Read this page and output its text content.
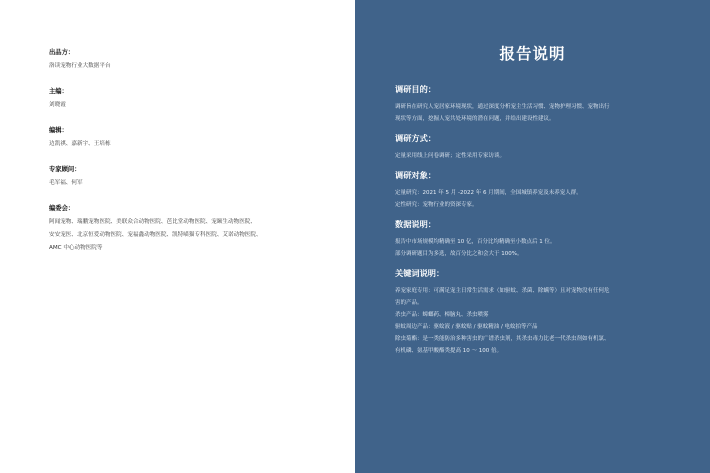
出品方：
洛读宠物行业大数据平台
主编：
刘晓霞
编辑：
边凯祺、嘉新宇、王培栋
专家顾问：
毛军福、何军
编委会：
阿闻宠物、瑞鹏宠物医院、美联众合动物医院、芭比堂动物医院、宠颐生动物医院、
安安宠医、北京恒爱动物医院、宠福鑫动物医院、凯特喵猫专科医院、艾诺动物医院、
AMC 中心动物医院等
报告说明
调研目的：

调研旨在研究人宠居家环境现状，通过深度分析宠主生活习惯、宠物护理习惯、宠物出行

现状等方面，挖掘人宠共处环境的潜在问题，并给出建设性建议。

调研方式：

定量采用线上问卷调研；定性采用专家访谈。

调研对象：

定量研究：2021 年 5 月 -2022 年 6 月期间，全国城镇养宠及未养宠人群。

定性研究：宠物行业的资深专家。

数据说明：

报告中市场规模均精确至 10 亿，百分比均精确至小数点后 1 位。

部分调研题目为多选，故百分比之和会大于 100%。

关键词说明：

养宠家庭专用：可满足宠主日常生活需求（如驱蚊、杀菌、除螨等）且对宠物没有任何危

害的产品。

杀虫产品：蟑螂药、樟脑丸、杀虫喷雾

驱蚊周边产品：驱蚊液 / 驱蚊贴 / 驱蚊精油 / 电蚊拍等产品

除虫菊酯：是一类能防治多种害虫的广谱杀虫剂，其杀虫毒力比老一代杀虫剂如有机氯、

有机磷、氨基甲酸酯类提高 10 ～ 100 倍。
